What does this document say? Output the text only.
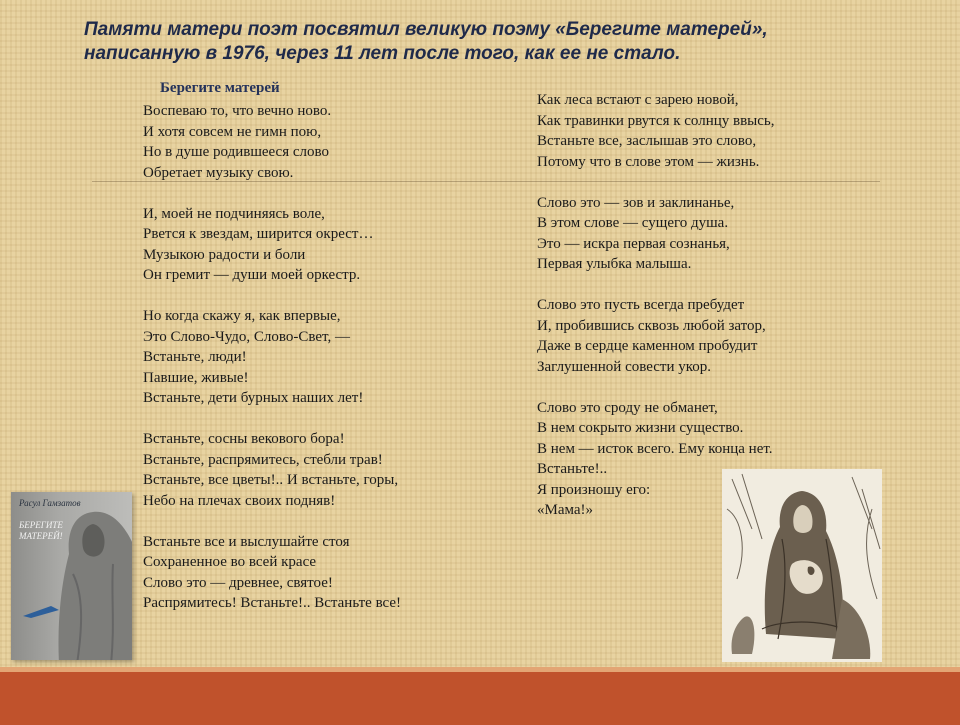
Памяти матери поэт посвятил великую поэму «Берегите матерей»,
написанную в 1976, через 11 лет после того, как ее не стало.
Берегите матерей
Воспеваю то, что вечно ново.
И хотя совсем не гимн пою,
Но в душе родившееся слово
Обретает музыку свою.
И, моей не подчиняясь воле,
Рвется к звездам, ширится окрест…
Музыкою радости и боли
Он гремит — души моей оркестр.
Но когда скажу я, как впервые,
Это Слово-Чудо, Слово-Свет, —
Встаньте, люди!
Павшие, живые!
Встаньте, дети бурных наших лет!
Встаньте, сосны векового бора!
Встаньте, распрямитесь, стебли трав!
Встаньте, все цветы!.. И встаньте, горы,
Небо на плечах своих подняв!
Встаньте все и выслушайте стоя
Сохраненное во всей красе
Слово это — древнее, святое!
Распрямитесь! Встаньте!.. Встаньте все!
Как леса встают с зарею новой,
Как травинки рвутся к солнцу ввысь,
Встаньте все, заслышав это слово,
Потому что в слове этом — жизнь.
Слово это — зов и заклинанье,
В этом слове — сущего душа.
Это — искра первая сознанья,
Первая улыбка малыша.
Слово это пусть всегда пребудет
И, пробившись сквозь любой затор,
Даже в сердце каменном пробудит
Заглушенной совести укор.
Слово это сроду не обманет,
В нем сокрыто жизни существо.
В нем — исток всего. Ему конца нет.
Встаньте!..
Я произношу его:
«Мама!»
Расул Гамзатов
БЕРЕГИТЕ МАТЕРЕЙ!
